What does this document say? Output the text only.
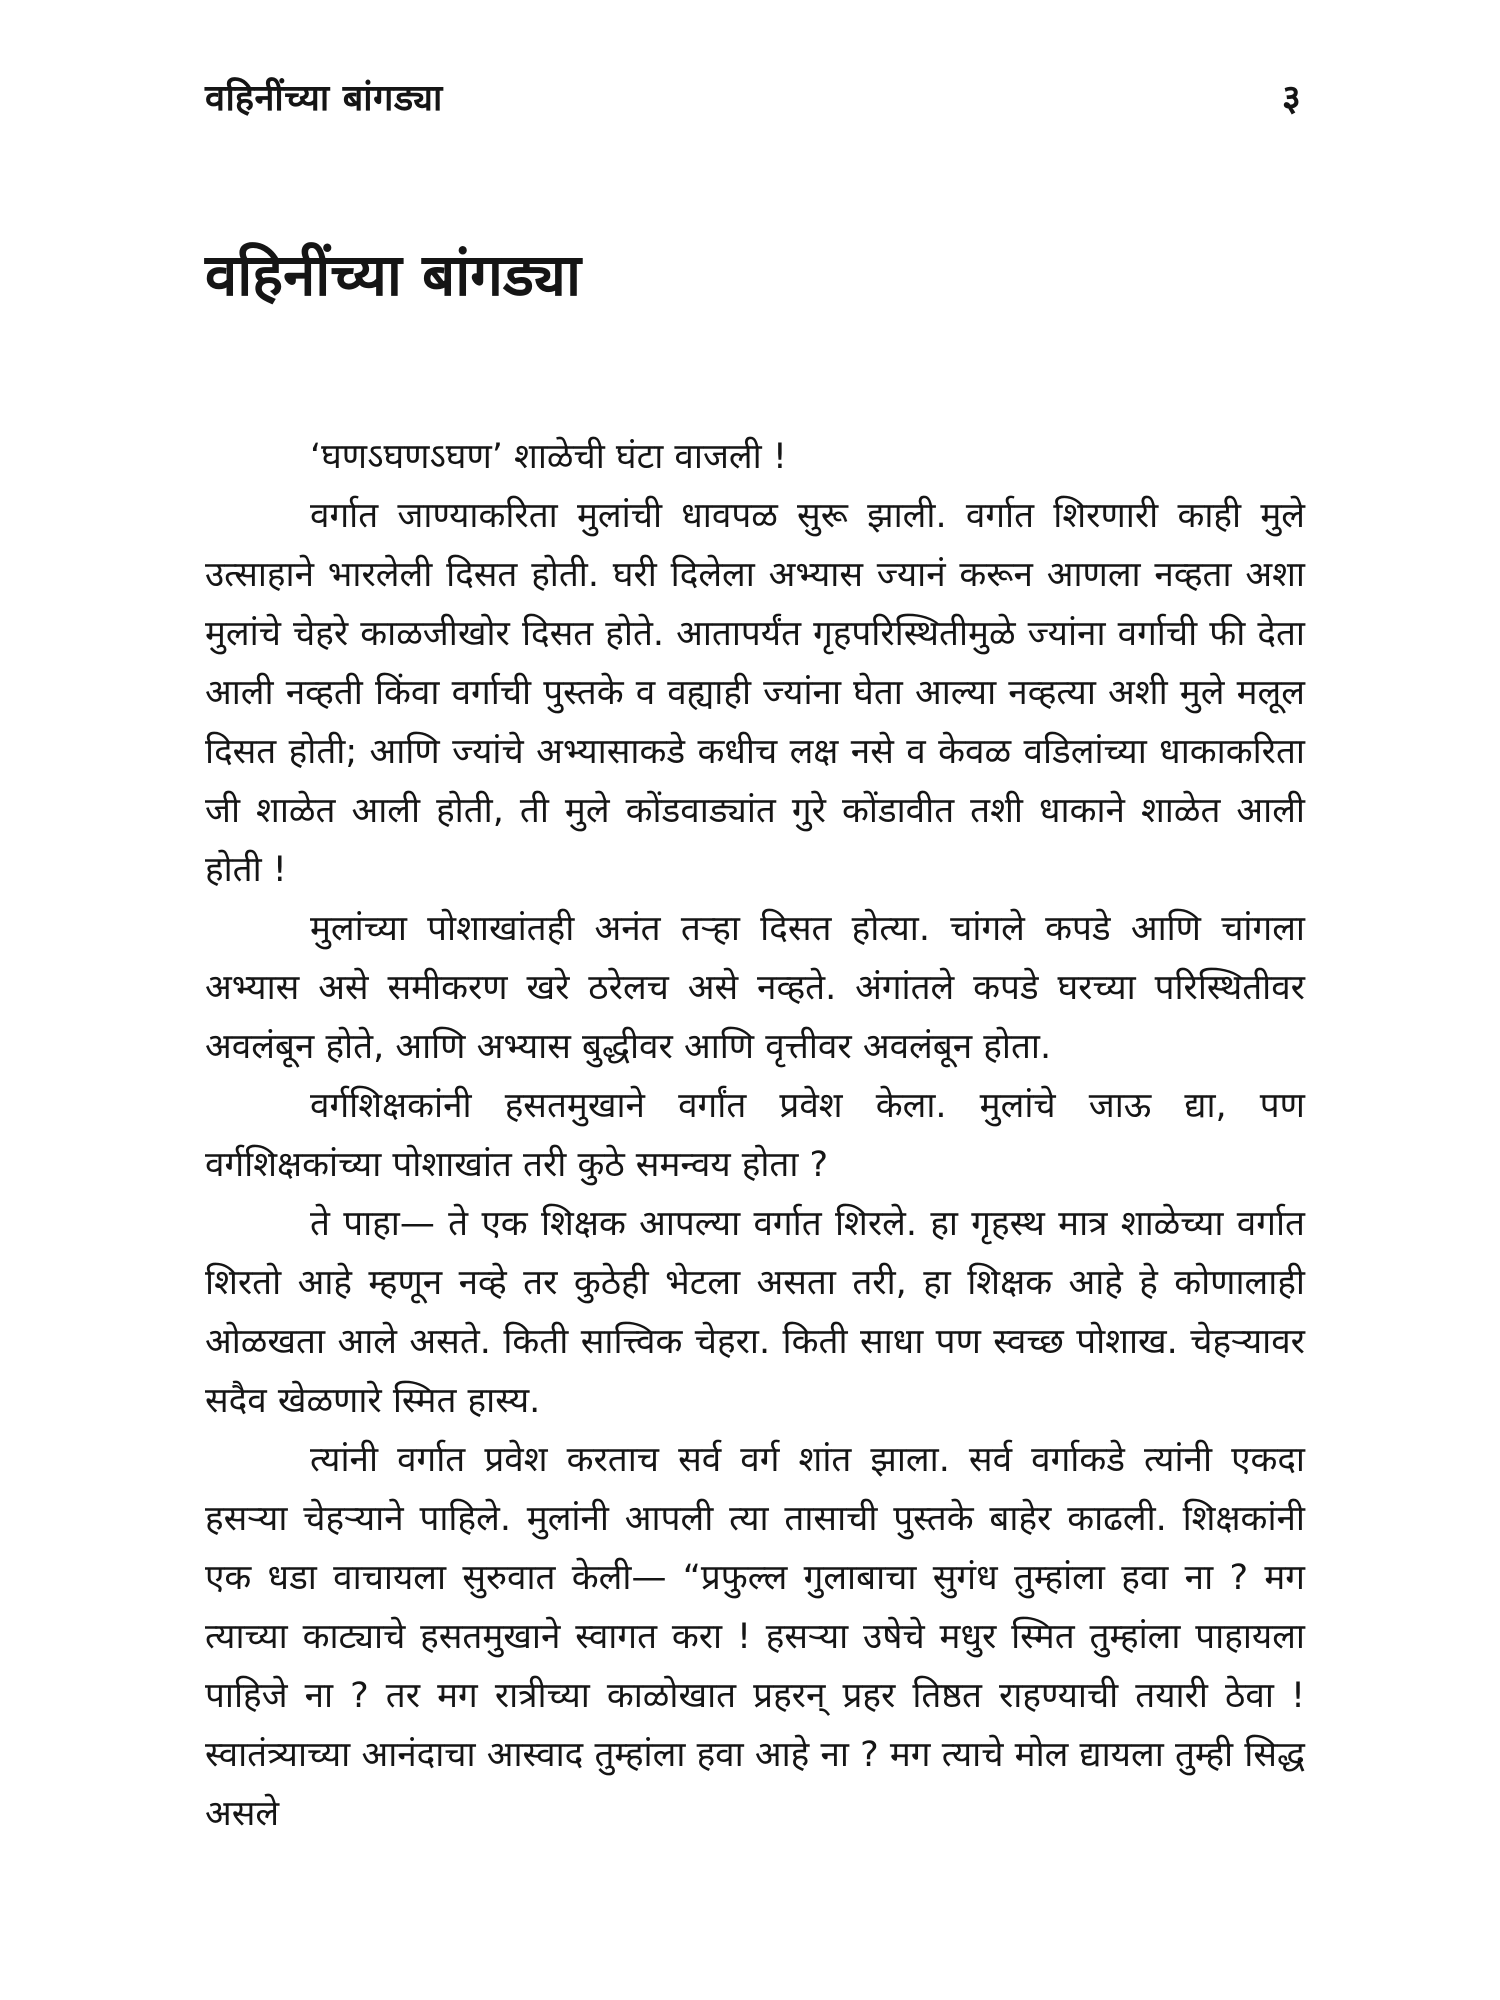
वहिनींच्या बांगड्या	३
वहिनींच्या बांगड्या

‘घणऽघणऽघण’ शाळेची घंटा वाजली !

वर्गात जाण्याकरिता मुलांची धावपळ सुरू झाली. वर्गात शिरणारी काही मुले उत्साहाने भारलेली दिसत होती. घरी दिलेला अभ्यास ज्यानं करून आणला नव्हता अशा मुलांचे चेहरे काळजीखोर दिसत होते. आतापर्यंत गृहपरिस्थितीमुळे ज्यांना वर्गाची फी देता आली नव्हती किंवा वर्गाची पुस्तके व वह्याही ज्यांना घेता आल्या नव्हत्या अशी मुले मलूल दिसत होती; आणि ज्यांचे अभ्यासाकडे कधीच लक्ष नसे व केवळ वडिलांच्या धाकाकरिता जी शाळेत आली होती, ती मुले कोंडवाड्यांत गुरे कोंडावीत तशी धाकाने शाळेत आली होती !

मुलांच्या पोशाखांतही अनंत तऱ्हा दिसत होत्या. चांगले कपडे आणि चांगला अभ्यास असे समीकरण खरे ठरेलच असे नव्हते. अंगांतले कपडे घरच्या परिस्थितीवर अवलंबून होते, आणि अभ्यास बुद्धीवर आणि वृत्तीवर अवलंबून होता.

वर्गशिक्षकांनी हसतमुखाने वर्गांत प्रवेश केला. मुलांचे जाऊ द्या, पण वर्गशिक्षकांच्या पोशाखांत तरी कुठे समन्वय होता ?

ते पाहा— ते एक शिक्षक आपल्या वर्गात शिरले. हा गृहस्थ मात्र शाळेच्या वर्गात शिरतो आहे म्हणून नव्हे तर कुठेही भेटला असता तरी, हा शिक्षक आहे हे कोणालाही ओळखता आले असते. किती सात्त्विक चेहरा. किती साधा पण स्वच्छ पोशाख. चेहऱ्यावर सदैव खेळणारे स्मित हास्य.

त्यांनी वर्गात प्रवेश करताच सर्व वर्ग शांत झाला. सर्व वर्गाकडे त्यांनी एकदा हसऱ्या चेहऱ्याने पाहिले. मुलांनी आपली त्या तासाची पुस्तके बाहेर काढली. शिक्षकांनी एक धडा वाचायला सुरुवात केली— “प्रफुल्ल गुलाबाचा सुगंध तुम्हांला हवा ना ? मग त्याच्या काट्याचे हसतमुखाने स्वागत करा ! हसऱ्या उषेचे मधुर स्मित तुम्हांला पाहायला पाहिजे ना ? तर मग रात्रीच्या काळोखात प्रहरन् प्रहर तिष्ठत राहण्याची तयारी ठेवा ! स्वातंत्र्याच्या आनंदाचा आस्वाद तुम्हांला हवा आहे ना ? मग त्याचे मोल द्यायला तुम्ही सिद्ध असले
